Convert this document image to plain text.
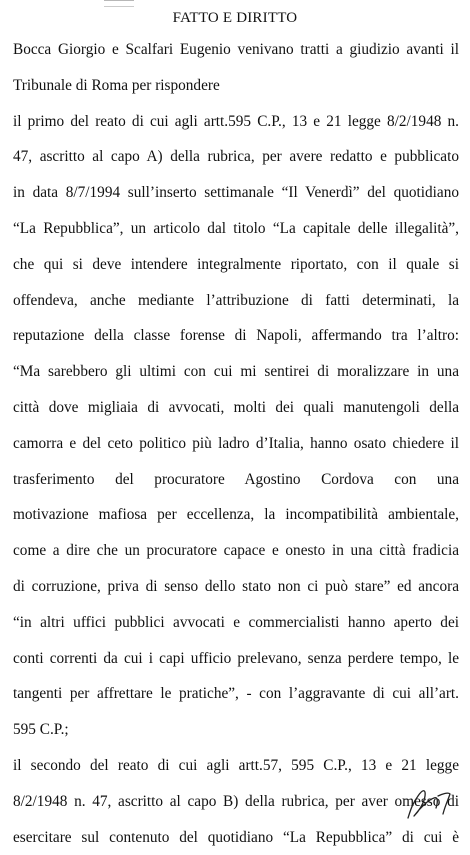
FATTO E DIRITTO
Bocca Giorgio e Scalfari Eugenio venivano tratti a giudizio avanti il
Tribunale di Roma per rispondere
il primo del reato di cui agli artt.595 C.P., 13 e 21 legge 8/2/1948 n.
47, ascritto al capo A) della rubrica, per avere redatto e pubblicato
in data 8/7/1994 sull’inserto settimanale “Il Venerdì” del quotidiano
“La Repubblica”, un articolo dal titolo “La capitale delle illegalità”,
che qui si deve intendere integralmente riportato, con il quale si
offendeva, anche mediante l’attribuzione di fatti determinati, la
reputazione della classe forense di Napoli, affermando tra l’altro:
“Ma sarebbero gli ultimi con cui mi sentirei di moralizzare in una
città dove migliaia di avvocati, molti dei quali manutengoli della
camorra e del ceto politico più ladro d’Italia, hanno osato chiedere il
trasferimento del procuratore Agostino Cordova con una
motivazione mafiosa per eccellenza, la incompatibilità ambientale,
come a dire che un procuratore capace e onesto in una città fradicia
di corruzione, priva di senso dello stato non ci può stare” ed ancora
“in altri uffici pubblici avvocati e commercialisti hanno aperto dei
conti correnti da cui i capi ufficio prelevano, senza perdere tempo, le
tangenti per affrettare le pratiche”, - con l’aggravante di cui all’art.
595 C.P.;
il secondo del reato di cui agli artt.57, 595 C.P., 13 e 21 legge
8/2/1948 n. 47, ascritto al capo B) della rubrica, per aver omesso di
esercitare sul contenuto del quotidiano “La Repubblica” di cui è
